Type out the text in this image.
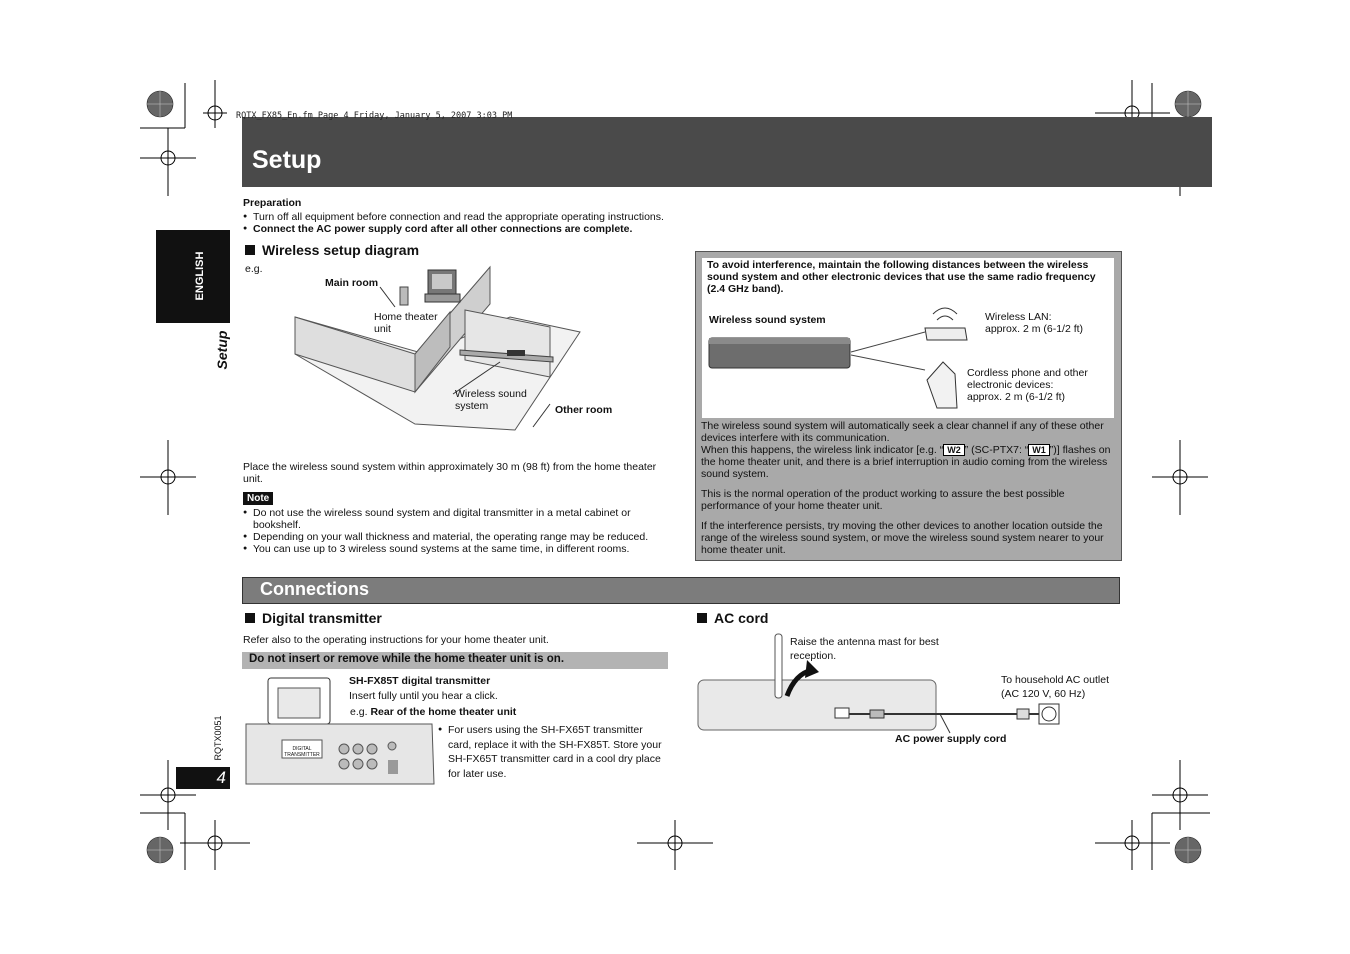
RQTX_FX85_En.fm Page 4 Friday, January 5, 2007 3:03 PM
Setup
ENGLISH
Setup
RQTX0051
4
Preparation
● Turn off all equipment before connection and read the appropriate operating instructions.
● Connect the AC power supply cord after all other connections are complete.
Wireless setup diagram
e.g.
Main room
Home theater unit
Wireless sound system	Other room
Place the wireless sound system within approximately 30 m (98 ft) from the home theater unit.
Note
● Do not use the wireless sound system and digital transmitter in a metal cabinet or bookshelf.
● Depending on your wall thickness and material, the operating range may be reduced.
● You can use up to 3 wireless sound systems at the same time, in different rooms.
To avoid interference, maintain the following distances between the wireless sound system and other electronic devices that use the same radio frequency (2.4 GHz band).
Wireless sound system	Wireless LAN:
approx. 2 m (6-1/2 ft)
Cordless phone and other
electronic devices:
approx. 2 m (6-1/2 ft)
The wireless sound system will automatically seek a clear channel if any of these other devices interfere with its communication.
When this happens, the wireless link indicator [e.g. “ W2 ” (SC-PTX7: “ W1 ”)] flashes on the home theater unit, and there is a brief interruption in audio coming from the wireless sound system.
This is the normal operation of the product working to assure the best possible performance of your home theater unit.
If the interference persists, try moving the other devices to another location outside the range of the wireless sound system, or move the wireless sound system nearer to your home theater unit.
Connections
Digital transmitter
Refer also to the operating instructions for your home theater unit.
Do not insert or remove while the home theater unit is on.
DIGITAL TRANSMITTER
SH-FX85T digital transmitter
Insert fully until you hear a click.
e.g. Rear of the home theater unit
● For users using the SH-FX65T transmitter card, replace it with the SH-FX85T. Store your SH-FX65T transmitter card in a cool dry place for later use.
AC cord
Raise the antenna mast for best reception.
To household AC outlet
(AC 120 V, 60 Hz)
AC power supply cord
